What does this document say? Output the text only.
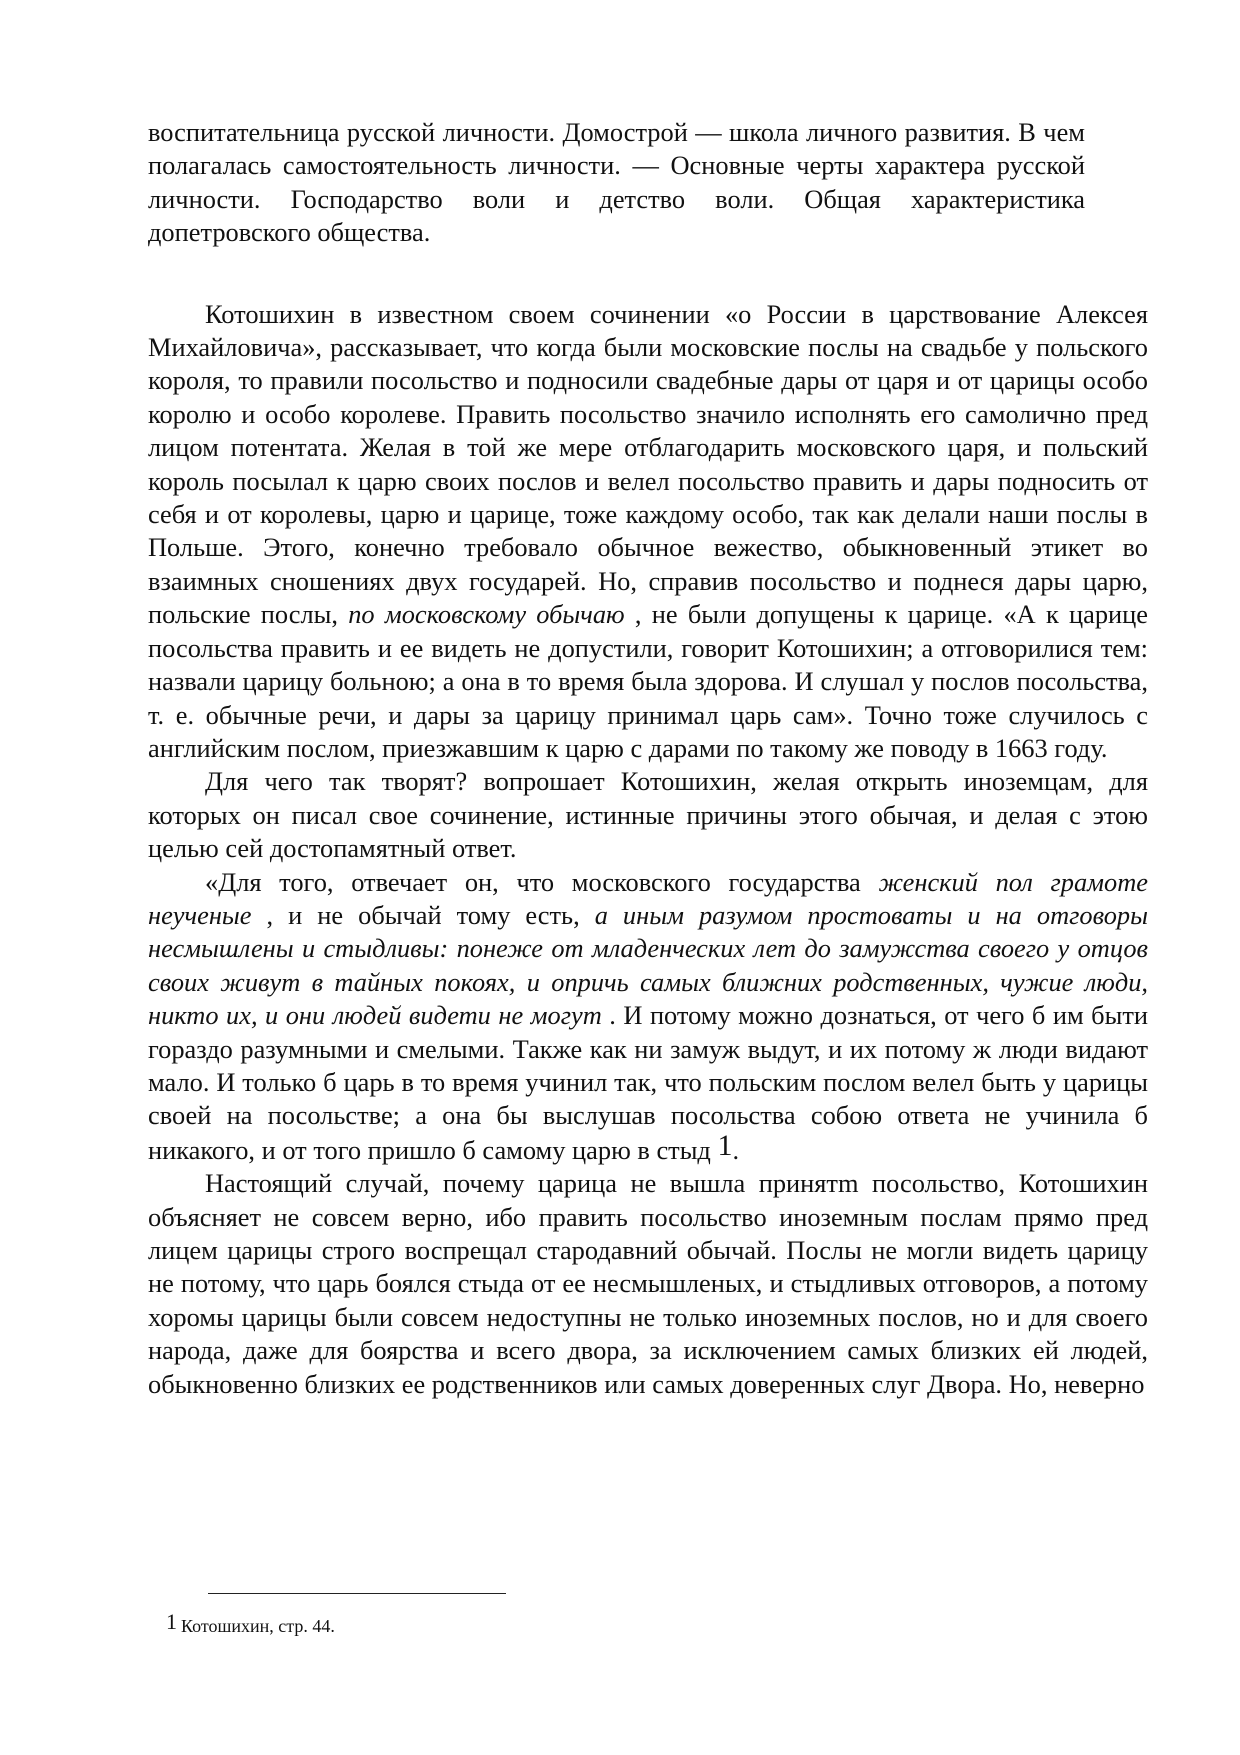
воспитательница русской личности. Домострой — школа личного развития. В чем полагалась самостоятельность личности. — Основные черты характера русской личности. Господарство воли и детство воли. Общая характеристика допетровского общества.

Котошихин в известном своем сочинении «о России в царствование Алексея Михайловича», рассказывает, что когда были московские послы на свадьбе у польского короля, то правили посольство и подносили свадебные дары от царя и от царицы особо королю и особо королеве. Править посольство значило исполнять его самолично пред лицом потентата. Желая в той же мере отблагодарить московского царя, и польский король посылал к царю своих послов и велел посольство править и дары подносить от себя и от королевы, царю и царице, тоже каждому особо, так как делали наши послы в Польше. Этого, конечно требовало обычное вежество, обыкновенный этикет во взаимных сношениях двух государей. Но, справив посольство и поднеся дары царю, польские послы, по московскому обычаю , не были допущены к царице. «А к царице посольства править и ее видеть не допустили, говорит Котошихин; а отговорилися тем: назвали царицу больною; а она в то время была здорова. И слушал у послов посольства, т. е. обычные речи, и дары за царицу принимал царь сам». Точно тоже случилось с английским послом, приезжавшим к царю с дарами по такому же поводу в 1663 году.

Для чего так творят? вопрошает Котошихин, желая открыть иноземцам, для которых он писал свое сочинение, истинные причины этого обычая, и делая с этою целью сей достопамятный ответ.

«Для того, отвечает он, что московского государства женский пол грамоте неученые , и не обычай тому есть, а иным разумом простоваты и на отговоры несмышлены и стыдливы: понеже от младенческих лет до замужства своего у отцов своих живут в тайных покоях, и опричь самых ближних родственных, чужие люди, никто их, и они людей видети не могут . И потому можно дознаться, от чего б им быти гораздо разумными и смелыми. Также как ни замуж выдут, и их потому ж люди видают мало. И только б царь в то время учинил так, что польским послом велел быть у царицы своей на посольстве; а она бы выслушав посольства собою ответа не учинила б никакого, и от того пришло б самому царю в стыд 1.

Настоящий случай, почему царица не вышла принятm посольство, Котошихин объясняет не совсем верно, ибо править посольство иноземным послам прямо пред лицем царицы строго воспрещал стародавний обычай. Послы не могли видеть царицу не потому, что царь боялся стыда от ее несмышленых, и стыдливых отговоров, а потому хоромы царицы были совсем недоступны не только иноземных послов, но и для своего народа, даже для боярства и всего двора, за исключением самых близких ей людей, обыкновенно близких ее родственников или самых доверенных слуг Двора. Но, неверно

1 Котошихин, стр. 44.
